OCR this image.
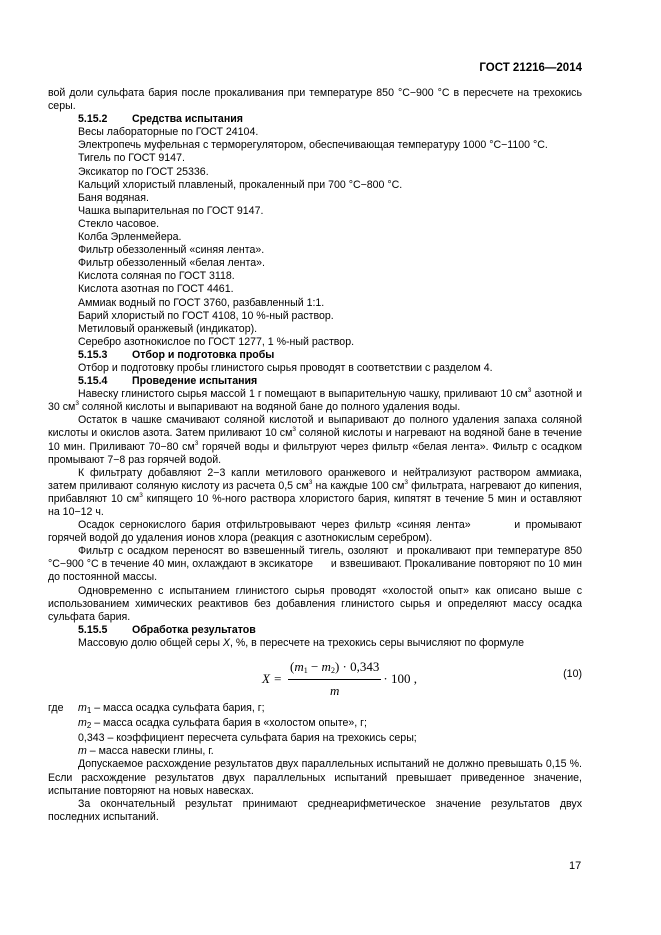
ГОСТ 21216—2014

вой доли сульфата бария после прокаливания при температуре 850 °С−900 °С в пересчете на трехокись серы.

5.15.2 Средства испытания

Весы лабораторные по ГОСТ 24104.

Электропечь муфельная с терморегулятором, обеспечивающая температуру 1000 °С−1100 °С.

Тигель по ГОСТ 9147.

Эксикатор по ГОСТ 25336.

Кальций хлористый плавленый, прокаленный при 700 °С−800 °С.

Баня водяная.

Чашка выпарительная по ГОСТ 9147.

Стекло часовое.

Колба Эрленмейера.

Фильтр обеззоленный «синяя лента».

Фильтр обеззоленный «белая лента».

Кислота соляная по ГОСТ 3118.

Кислота азотная по ГОСТ 4461.

Аммиак водный по ГОСТ 3760, разбавленный 1:1.

Барий хлористый по ГОСТ 4108, 10 %-ный раствор.

Метиловый оранжевый (индикатор).

Серебро азотнокислое по ГОСТ 1277, 1 %-ный раствор.

5.15.3 Отбор и подготовка пробы

Отбор и подготовку пробы глинистого сырья проводят в соответствии с разделом 4.

5.15.4 Проведение испытания

Навеску глинистого сырья массой 1 г помещают в выпарительную чашку, приливают 10 $см^3$ азотной и 30 $см^3$ соляной кислоты и выпаривают на водяной бане до полного удаления воды.

Остаток в чашке смачивают соляной кислотой и выпаривают до полного удаления запаха соляной кислоты и окислов азота. Затем приливают 10 $см^3$ соляной кислоты и нагревают на водяной бане в течение 10 мин. Приливают 70−80 $см^3$ горячей воды и фильтруют через фильтр «белая лента». Фильтр с осадком промывают 7−8 раз горячей водой.

К фильтрату добавляют 2−3 капли метилового оранжевого и нейтрализуют раствором аммиака, затем приливают соляную кислоту из расчета 0,5 $см^3$ на каждые 100 $см^3$ фильтрата, нагревают до кипения, прибавляют 10 $см^3$ кипящего 10 %-ного раствора хлористого бария, кипятят в течение 5 мин и оставляют на 10−12 ч.

Осадок сернокислого бария отфильтровывают через фильтр «синяя лента»        и промывают горячей водой до удаления ионов хлора (реакция с азотнокислым серебром).

Фильтр с осадком переносят во взвешенный тигель, озоляют  и прокаливают при температуре 850 °С−900 °С в течение 40 мин, охлаждают в эксикаторе      и взвешивают. Прокаливание повторяют по 10 мин до постоянной массы.

Одновременно с испытанием глинистого сырья проводят «холостой опыт» как описано выше с использованием химических реактивов без добавления глинистого сырья и определяют массу осадка сульфата бария.

5.15.5 Обработка результатов

Массовую долю общей серы X, %, в пересчете на трехокись серы вычисляют по формуле

$X = \frac{(m_1 - m_2) \cdot 0,343}{m} \cdot 100$ ,	(10)

где $m_1$ – масса осадка сульфата бария, г;

$m_2$ – масса осадка сульфата бария в «холостом опыте», г;

0,343 – коэффициент пересчета сульфата бария на трехокись серы;

m – масса навески глины, г.

Допускаемое расхождение результатов двух параллельных испытаний не должно превышать 0,15 %. Если расхождение результатов двух параллельных испытаний превышает приведенное значение, испытание повторяют на новых навесках.

За окончательный результат принимают среднеарифметическое значение результатов двух последних испытаний.

17
